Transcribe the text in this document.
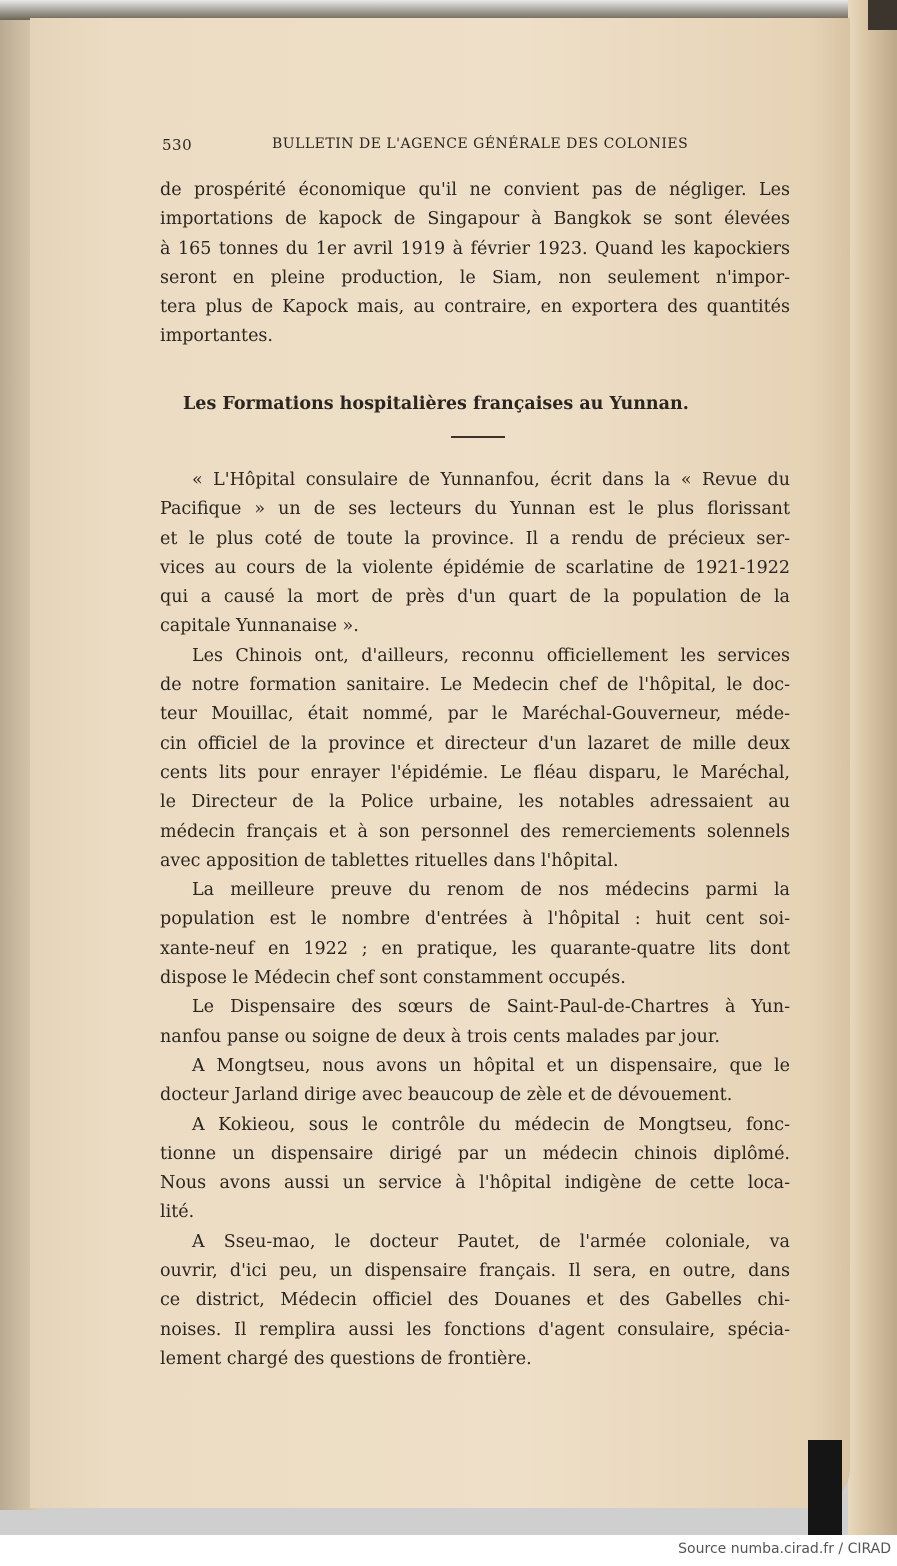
530	BULLETIN DE L'AGENCE GÉNÉRALE DES COLONIES
de prospérité économique qu'il ne convient pas de négliger. Les
importations de kapock de Singapour à Bangkok se sont élevées
à 165 tonnes du 1er avril 1919 à février 1923. Quand les kapockiers
seront en pleine production, le Siam, non seulement n'impor-
tera plus de Kapock mais, au contraire, en exportera des quantités
importantes.
Les Formations hospitalières françaises au Yunnan.
« L'Hôpital consulaire de Yunnanfou, écrit dans la « Revue du
Pacifique » un de ses lecteurs du Yunnan est le plus florissant
et le plus coté de toute la province. Il a rendu de précieux ser-
vices au cours de la violente épidémie de scarlatine de 1921-1922
qui a causé la mort de près d'un quart de la population de la
capitale Yunnanaise ».
Les Chinois ont, d'ailleurs, reconnu officiellement les services
de notre formation sanitaire. Le Medecin chef de l'hôpital, le doc-
teur Mouillac, était nommé, par le Maréchal-Gouverneur, méde-
cin officiel de la province et directeur d'un lazaret de mille deux
cents lits pour enrayer l'épidémie. Le fléau disparu, le Maréchal,
le Directeur de la Police urbaine, les notables adressaient au
médecin français et à son personnel des remerciements solennels
avec apposition de tablettes rituelles dans l'hôpital.
La meilleure preuve du renom de nos médecins parmi la
population est le nombre d'entrées à l'hôpital : huit cent soi-
xante-neuf en 1922 ; en pratique, les quarante-quatre lits dont
dispose le Médecin chef sont constamment occupés.
Le Dispensaire des sœurs de Saint-Paul-de-Chartres à Yun-
nanfou panse ou soigne de deux à trois cents malades par jour.
A Mongtseu, nous avons un hôpital et un dispensaire, que le
docteur Jarland dirige avec beaucoup de zèle et de dévouement.
A Kokieou, sous le contrôle du médecin de Mongtseu, fonc-
tionne un dispensaire dirigé par un médecin chinois diplômé.
Nous avons aussi un service à l'hôpital indigène de cette loca-
lité.
A Sseu-mao, le docteur Pautet, de l'armée coloniale, va
ouvrir, d'ici peu, un dispensaire français. Il sera, en outre, dans
ce district, Médecin officiel des Douanes et des Gabelles chi-
noises. Il remplira aussi les fonctions d'agent consulaire, spécia-
lement chargé des questions de frontière.
Source numba.cirad.fr / CIRAD
